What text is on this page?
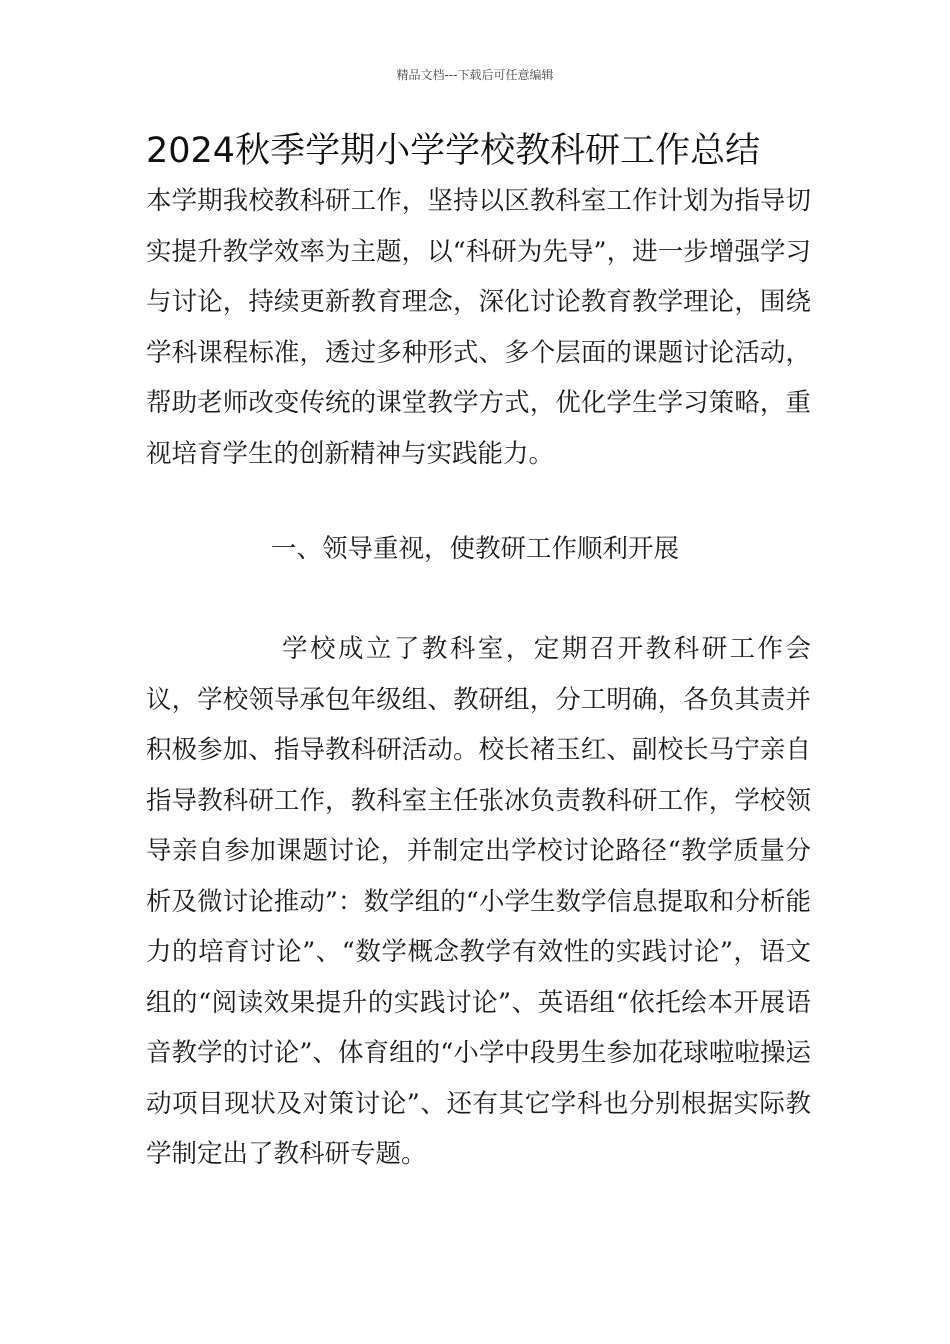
精品文档---下载后可任意编辑
2024秋季学期小学学校教科研工作总结

本学期我校教科研工作，坚持以区教科室工作计划为指导切实提升教学效率为主题，以“科研为先导”，进一步增强学习与讨论，持续更新教育理念，深化讨论教育教学理论，围绕学科课程标准，透过多种形式、多个层面的课题讨论活动，帮助老师改变传统的课堂教学方式，优化学生学习策略，重视培育学生的创新精神与实践能力。

一、领导重视，使教研工作顺利开展

学校成立了教科室，定期召开教科研工作会议，学校领导承包年级组、教研组，分工明确，各负其责并积极参加、指导教科研活动。校长褚玉红、副校长马宁亲自指导教科研工作，教科室主任张冰负责教科研工作，学校领导亲自参加课题讨论，并制定出学校讨论路径“教学质量分析及微讨论推动”：数学组的“小学生数学信息提取和分析能力的培育讨论”、“数学概念教学有效性的实践讨论”，语文组的“阅读效果提升的实践讨论”、英语组“依托绘本开展语音教学的讨论”、体育组的“小学中段男生参加花球啦啦操运动项目现状及对策讨论”、还有其它学科也分别根据实际教学制定出了教科研专题。
